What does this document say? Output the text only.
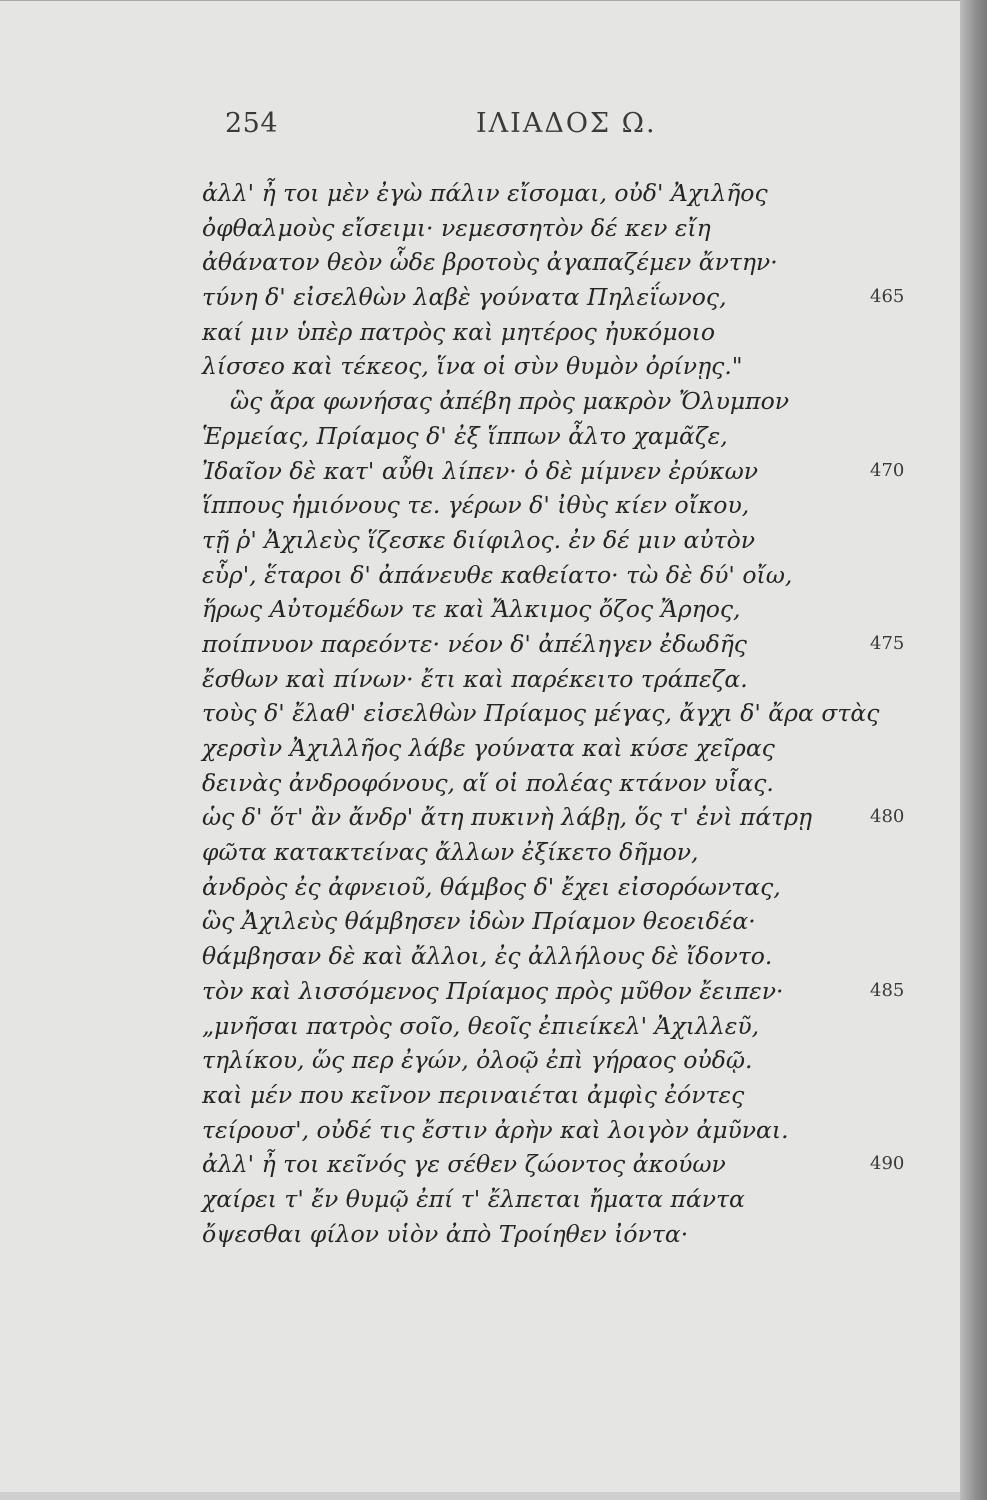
254	ΙΛΙΑΔΟΣ Ω.
ἀλλ' ἦ τοι μὲν ἐγὼ πάλιν εἴσομαι, οὐδ' Ἀχιλῆος
ὀφθαλμοὺς εἴσειμι· νεμεσσητὸν δέ κεν εἴη
ἀθάνατον θεὸν ὧδε βροτοὺς ἀγαπαζέμεν ἄντην·
τύνη δ' εἰσελθὼν λαβὲ γούνατα Πηλεΐωνος,	465
καί μιν ὑπὲρ πατρὸς καὶ μητέρος ἠυκόμοιο
λίσσεο καὶ τέκεος, ἵνα οἱ σὺν θυμὸν ὀρίνῃς."
ὣς ἄρα φωνήσας ἀπέβη πρὸς μακρὸν Ὄλυμπον
Ἑρμείας, Πρίαμος δ' ἐξ ἵππων ἆλτο χαμᾶζε,
Ἰδαῖον δὲ κατ' αὖθι λίπεν· ὁ δὲ μίμνεν ἐρύκων	470
ἵππους ἡμιόνους τε. γέρων δ' ἰθὺς κίεν οἴκου,
τῇ ῥ' Ἀχιλεὺς ἵζεσκε διίφιλος. ἐν δέ μιν αὐτὸν
εὗρ', ἕταροι δ' ἀπάνευθε καθείατο· τὼ δὲ δύ' οἴω,
ἥρως Αὐτομέδων τε καὶ Ἄλκιμος ὄζος Ἄρηος,
ποίπνυον παρεόντε· νέον δ' ἀπέληγεν ἐδωδῆς	475
ἔσθων καὶ πίνων· ἔτι καὶ παρέκειτο τράπεζα.
τοὺς δ' ἔλαθ' εἰσελθὼν Πρίαμος μέγας, ἄγχι δ' ἄρα στὰς
χερσὶν Ἀχιλλῆος λάβε γούνατα καὶ κύσε χεῖρας
δεινὰς ἀνδροφόνους, αἵ οἱ πολέας κτάνον υἷας.
ὡς δ' ὅτ' ἂν ἄνδρ' ἄτη πυκινὴ λάβῃ, ὅς τ' ἐνὶ πάτρῃ	480
φῶτα κατακτείνας ἄλλων ἐξίκετο δῆμον,
ἀνδρὸς ἐς ἀφνειοῦ, θάμβος δ' ἔχει εἰσορόωντας,
ὣς Ἀχιλεὺς θάμβησεν ἰδὼν Πρίαμον θεοειδέα·
θάμβησαν δὲ καὶ ἄλλοι, ἐς ἀλλήλους δὲ ἴδοντο.
τὸν καὶ λισσόμενος Πρίαμος πρὸς μῦθον ἔειπεν·	485
„μνῆσαι πατρὸς σοῖο, θεοῖς ἐπιείκελ' Ἀχιλλεῦ,
τηλίκου, ὥς περ ἐγών, ὀλοῷ ἐπὶ γήραος οὐδῷ.
καὶ μέν που κεῖνον περιναιέται ἀμφὶς ἐόντες
τείρουσ', οὐδέ τις ἔστιν ἀρὴν καὶ λοιγὸν ἀμῦναι.
ἀλλ' ἦ τοι κεῖνός γε σέθεν ζώοντος ἀκούων	490
χαίρει τ' ἔν θυμῷ ἐπί τ' ἔλπεται ἤματα πάντα
ὄψεσθαι φίλον υἱὸν ἀπὸ Τροίηθεν ἰόντα·
